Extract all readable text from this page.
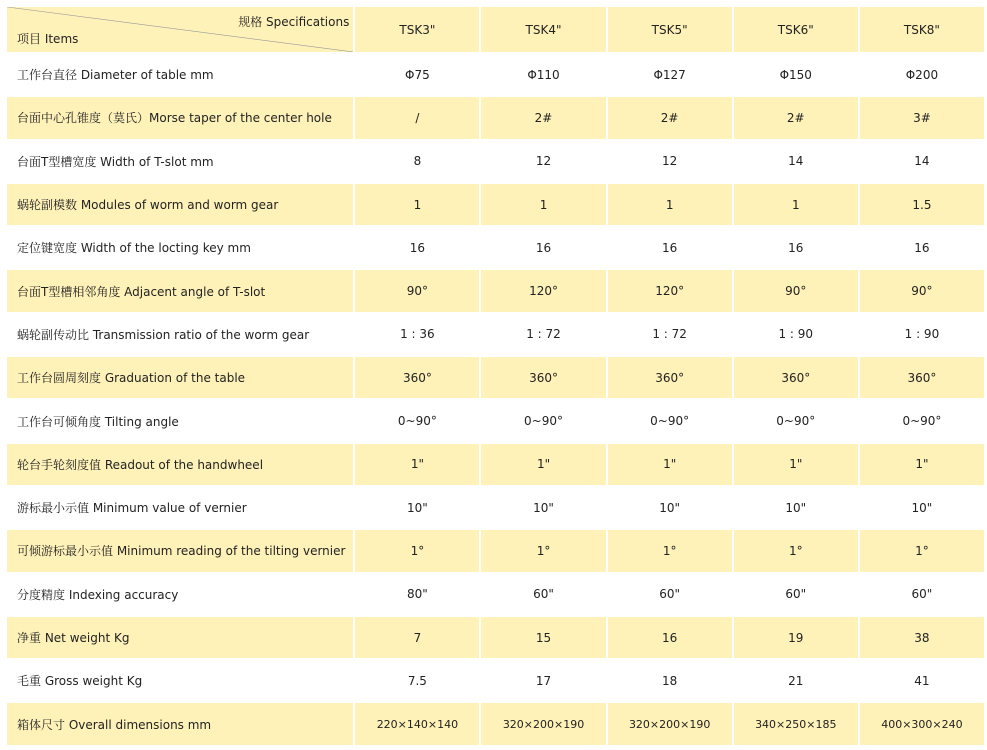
规格 Specifications
项目 Items	TSK3"	TSK4"	TSK5"	TSK6"	TSK8"
工作台直径 Diameter of table mm	Φ75	Φ110	Φ127	Φ150	Φ200
台面中心孔锥度（莫氏）Morse taper of the center hole	/	2#	2#	2#	3#
台面T型槽宽度 Width of T-slot mm	8	12	12	14	14
蜗轮副模数 Modules of worm and worm gear	1	1	1	1	1.5
定位键宽度 Width of the locting key mm	16	16	16	16	16
台面T型槽相邻角度 Adjacent angle of T-slot	90°	120°	120°	90°	90°
蜗轮副传动比 Transmission ratio of the worm gear	1 : 36	1 : 72	1 : 72	1 : 90	1 : 90
工作台圆周刻度 Graduation of the table	360°	360°	360°	360°	360°
工作台可倾角度 Tilting angle	0~90°	0~90°	0~90°	0~90°	0~90°
轮台手轮刻度值 Readout of the handwheel	1"	1"	1"	1"	1"
游标最小示值 Minimum value of vernier	10"	10"	10"	10"	10"
可倾游标最小示值 Minimum reading of the tilting vernier	1°	1°	1°	1°	1°
分度精度 Indexing accuracy	80"	60"	60"	60"	60"
净重 Net weight Kg	7	15	16	19	38
毛重 Gross weight Kg	7.5	17	18	21	41
箱体尺寸 Overall dimensions mm	220×140×140	320×200×190	320×200×190	340×250×185	400×300×240
